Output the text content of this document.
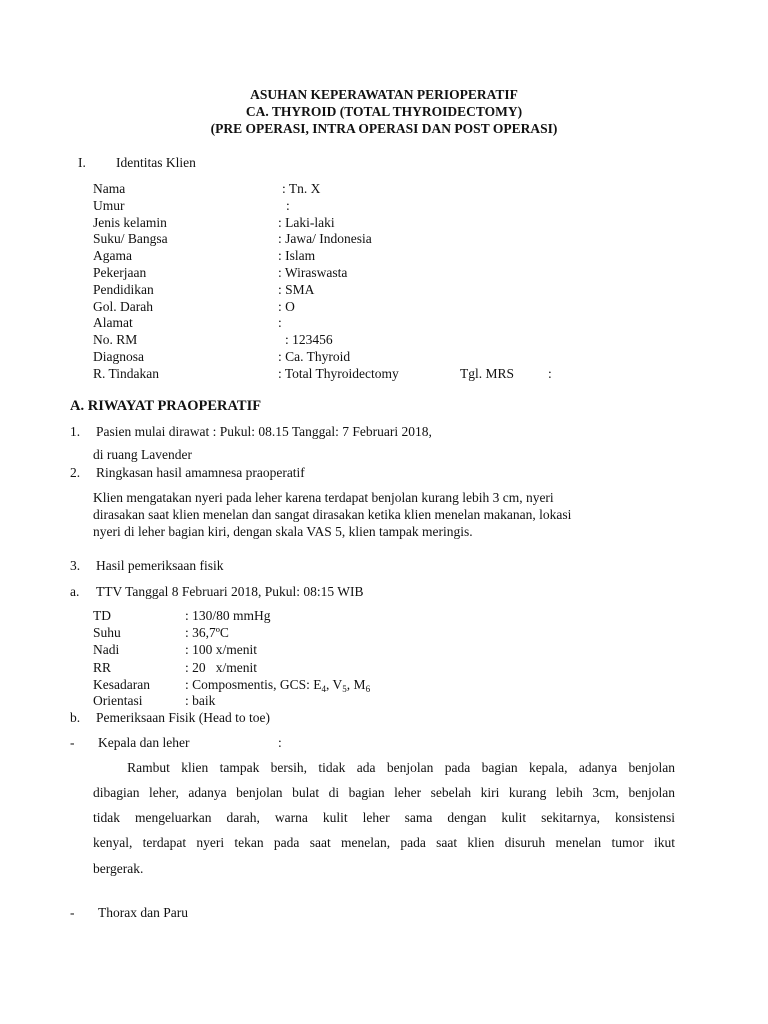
ASUHAN KEPERAWATAN PERIOPERATIF
CA. THYROID (TOTAL THYROIDECTOMY)
(PRE OPERASI, INTRA OPERASI DAN POST OPERASI)
I. Identitas Klien
Nama	: Tn. X
Umur	:
Jenis kelamin	: Laki-laki
Suku/ Bangsa	: Jawa/ Indonesia
Agama	: Islam
Pekerjaan	: Wiraswasta
Pendidikan	: SMA
Gol. Darah	: O
Alamat	:
No. RM	: 123456
Diagnosa	: Ca. Thyroid
R. Tindakan	: Total Thyroidectomy	Tgl. MRS	:
A. RIWAYAT PRAOPERATIF
1. Pasien mulai dirawat : Pukul: 08.15 Tanggal: 7 Februari 2018,
di ruang Lavender
2. Ringkasan hasil amamnesa praoperatif
Klien mengatakan nyeri pada leher karena terdapat benjolan kurang lebih 3 cm, nyeri
dirasakan saat klien menelan dan sangat dirasakan ketika klien menelan makanan, lokasi
nyeri di leher bagian kiri, dengan skala VAS 5, klien tampak meringis.
3. Hasil pemeriksaan fisik
a. TTV Tanggal 8 Februari 2018, Pukul: 08:15 WIB
TD	: 130/80 mmHg
Suhu	: 36,7ºC
Nadi	: 100 x/menit
RR	: 20   x/menit
Kesadaran	: Composmentis, GCS: $E_4$, $V_5$, $M_6$
Orientasi	: baik
b. Pemeriksaan Fisik (Head to toe)
- Kepala dan leher	:
Rambut klien tampak bersih, tidak ada benjolan pada bagian kepala, adanya benjolan
dibagian leher, adanya benjolan bulat di bagian leher sebelah kiri kurang lebih 3cm, benjolan
tidak mengeluarkan darah, warna kulit leher sama dengan kulit sekitarnya, konsistensi
kenyal, terdapat nyeri tekan pada saat menelan, pada saat klien disuruh menelan tumor ikut
bergerak.
- Thorax dan Paru
